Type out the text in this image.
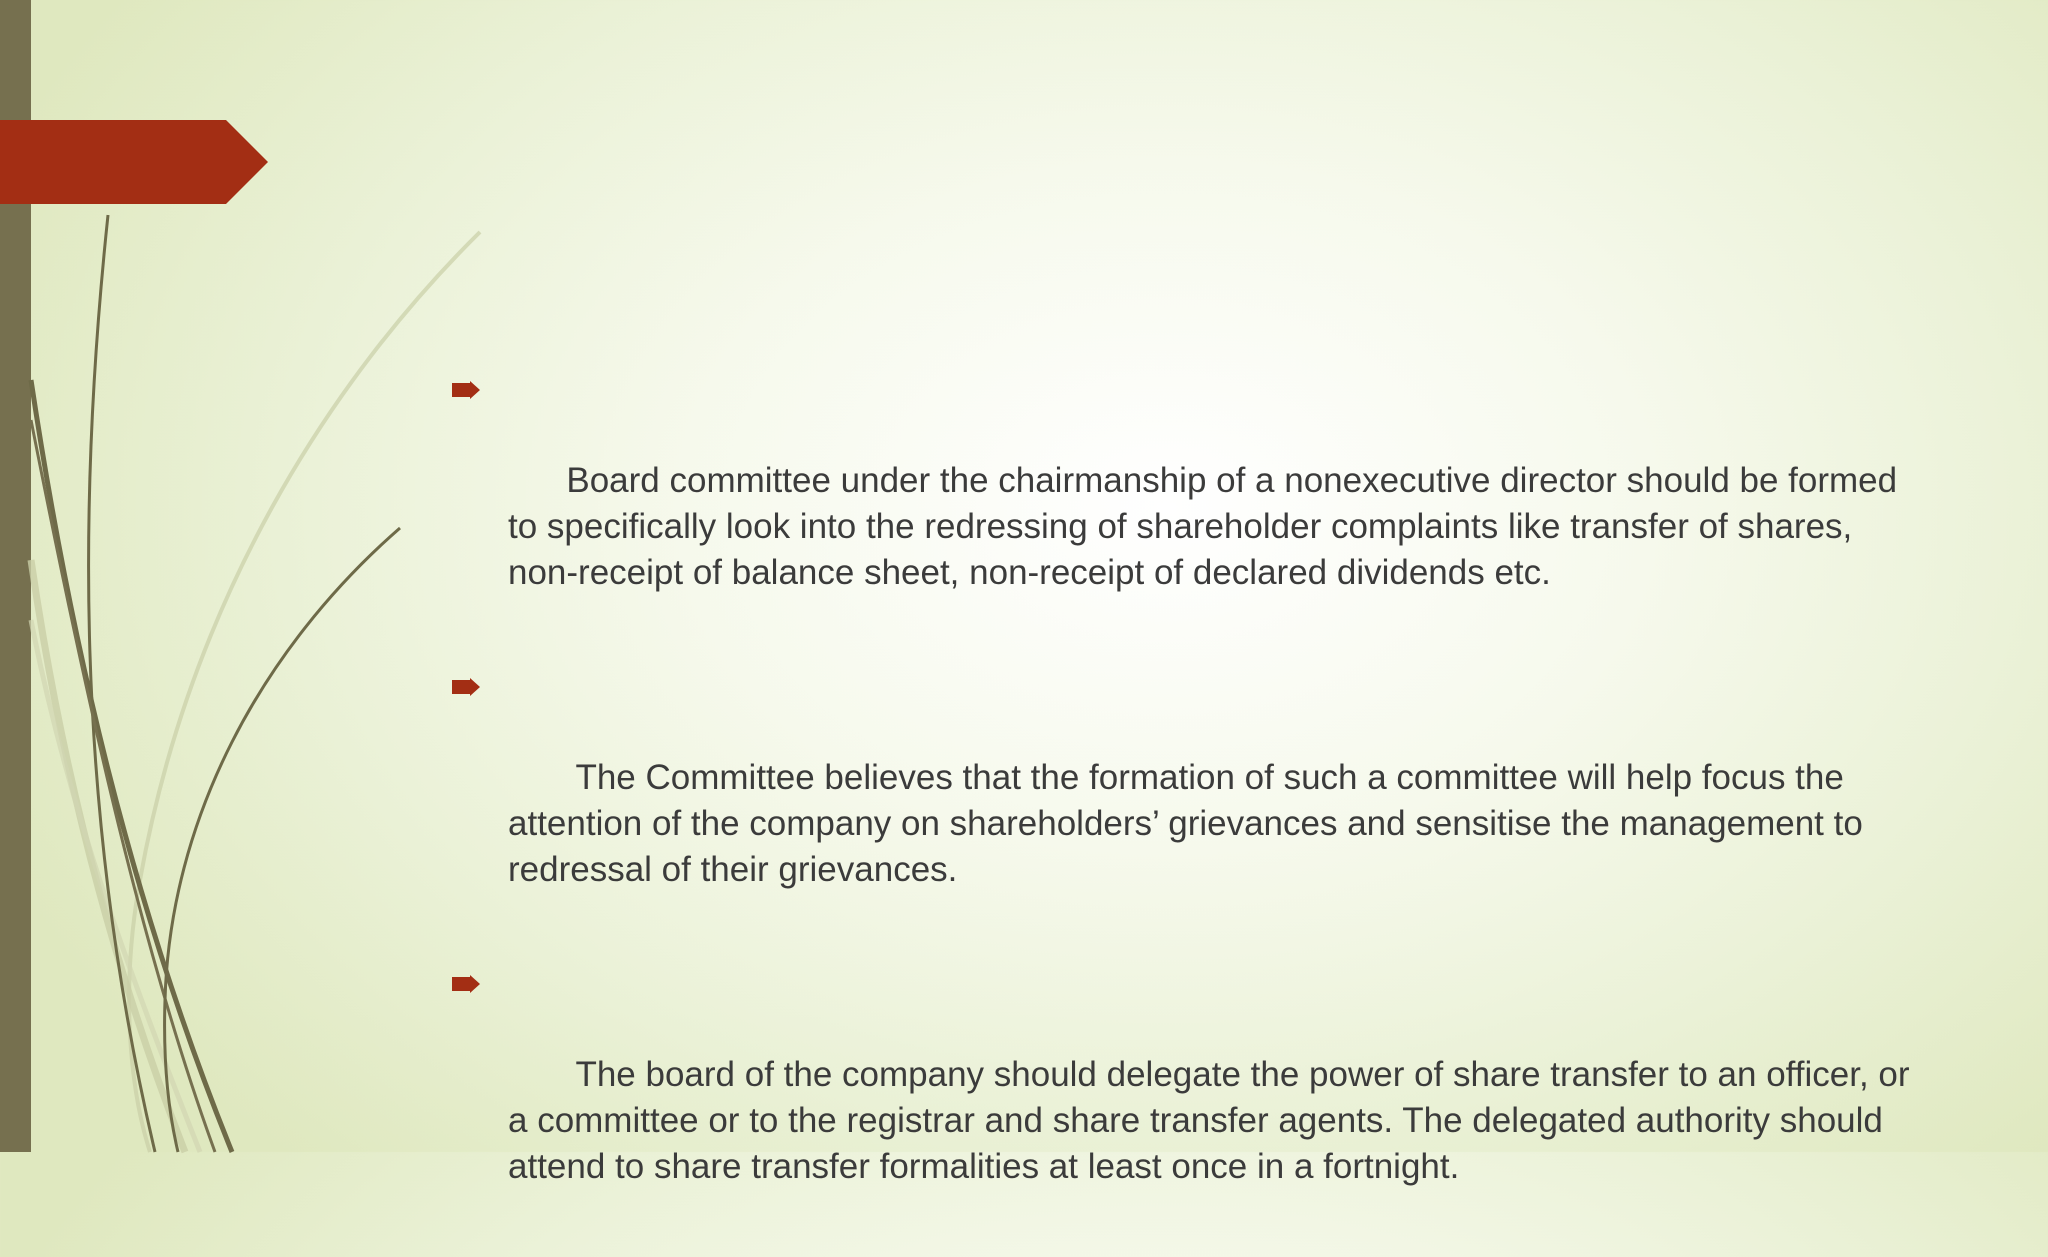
Board committee under the chairmanship of a nonexecutive director should be formed to specifically look into the redressing of shareholder complaints like transfer of shares, non-receipt of balance sheet, non-receipt of declared dividends etc.

The Committee believes that the formation of such a committee will help focus the attention of the company on shareholders’ grievances and sensitise the management to redressal of their grievances.

The board of the company should delegate the power of share transfer to an officer, or a committee or to the registrar and share transfer agents. The delegated authority should attend to share transfer formalities at least once in a fortnight.
